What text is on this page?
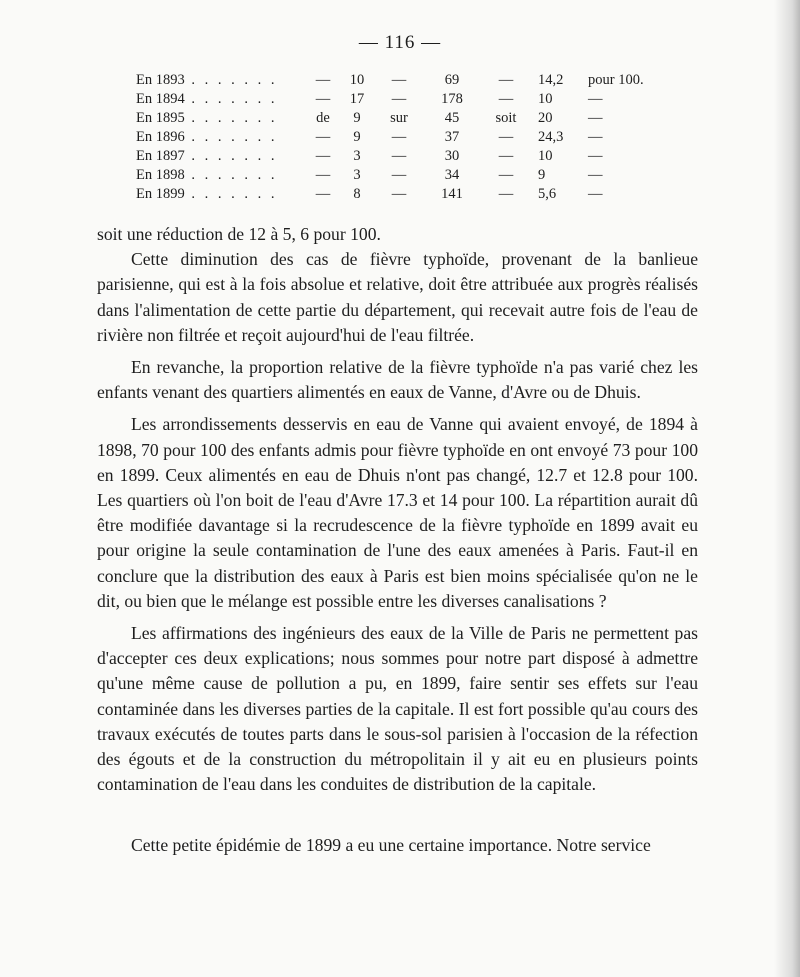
— 116 —
En 1893 . . . . . . .	—	10	—	69	—	14,2	pour 100.
En 1894 . . . . . . .	—	17	—	178	—	10	—
En 1895 . . . . . . .	de	9	sur	45	soit	20	—
En 1896 . . . . . . .	—	9	—	37	—	24,3	—
En 1897 . . . . . . .	—	3	—	30	—	10	—
En 1898 . . . . . . .	—	3	—	34	—	9	—
En 1899 . . . . . . .	—	8	—	141	—	5,6	—

soit une réduction de 12 à 5, 6 pour 100.

Cette diminution des cas de fièvre typhoïde, provenant de la banlieue parisienne, qui est à la fois absolue et relative, doit être attribuée aux progrès réalisés dans l'alimentation de cette partie du département, qui recevait autre fois de l'eau de rivière non filtrée et reçoit aujourd'hui de l'eau filtrée.

En revanche, la proportion relative de la fièvre typhoïde n'a pas varié chez les enfants venant des quartiers alimentés en eaux de Vanne, d'Avre ou de Dhuis.

Les arrondissements desservis en eau de Vanne qui avaient envoyé, de 1894 à 1898, 70 pour 100 des enfants admis pour fièvre typhoïde en ont envoyé 73 pour 100 en 1899. Ceux alimentés en eau de Dhuis n'ont pas changé, 12.7 et 12.8 pour 100. Les quartiers où l'on boit de l'eau d'Avre 17.3 et 14 pour 100. La répartition aurait dû être modifiée davantage si la recrudescence de la fièvre typhoïde en 1899 avait eu pour origine la seule contamination de l'une des eaux amenées à Paris. Faut-il en conclure que la distribution des eaux à Paris est bien moins spécialisée qu'on ne le dit, ou bien que le mélange est possible entre les diverses canalisations ?

Les affirmations des ingénieurs des eaux de la Ville de Paris ne permettent pas d'accepter ces deux explications; nous sommes pour notre part disposé à admettre qu'une même cause de pollution a pu, en 1899, faire sentir ses effets sur l'eau contaminée dans les diverses parties de la capitale. Il est fort possible qu'au cours des travaux exécutés de toutes parts dans le sous-sol parisien à l'occasion de la réfection des égouts et de la construction du métropolitain il y ait eu en plusieurs points contamination de l'eau dans les conduites de distribution de la capitale.

Cette petite épidémie de 1899 a eu une certaine importance. Notre service
